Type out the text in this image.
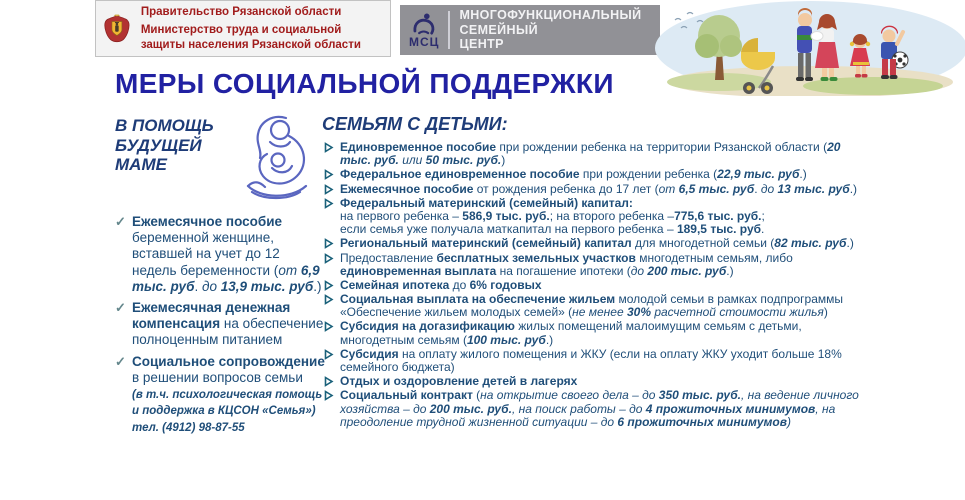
Правительство Рязанской области

Министерство труда и социальной защиты населения Рязанской области	МСЦ
МНОГОФУНКЦИОНАЛЬНЫЙ
СЕМЕЙНЫЙ
ЦЕНТР
МЕРЫ СОЦИАЛЬНОЙ ПОДДЕРЖКИ
В ПОМОЩЬ БУДУЩЕЙ МАМЕ
✓ Ежемесячное пособие беременной женщине, вставшей на учет до 12 недель беременности (от 6,9 тыс. руб. до 13,9 тыс. руб.)
✓ Ежемесячная денежная компенсация на обеспечение полноценным питанием
✓ Социальное сопровождение в решении вопросов семьи
(в т.ч. психологическая помощь и поддержка в КЦСОН «Семья»)
тел. (4912) 98-87-55
СЕМЬЯМ С ДЕТЬМИ:
Единовременное пособие при рождении ребенка на территории Рязанской области (20 тыс. руб. или 50 тыс. руб.)
Федеральное единовременное пособие при рождении ребенка (22,9 тыс. руб.)
Ежемесячное пособие от рождения ребенка до 17 лет (от 6,5 тыс. руб. до 13 тыс. руб.)
Федеральный материнский (семейный) капитал:
на первого ребенка – 586,9 тыс. руб.; на второго ребенка –775,6 тыс. руб.;
если семья уже получала маткапитал на первого ребенка – 189,5 тыс. руб.
Региональный материнский (семейный) капитал для многодетной семьи (82 тыс. руб.)
Предоставление бесплатных земельных участков многодетным семьям, либо единовременная выплата на погашение ипотеки (до 200 тыс. руб.)
Семейная ипотека до 6% годовых
Социальная выплата на обеспечение жильем молодой семьи в рамках подпрограммы «Обеспечение жильем молодых семей» (не менее 30% расчетной стоимости жилья)
Субсидия на догазификацию жилых помещений малоимущим семьям с детьми, многодетным семьям (100 тыс. руб.)
Субсидия на оплату жилого помещения и ЖКУ (если на оплату ЖКУ уходит больше 18% семейного бюджета)
Отдых и оздоровление детей в лагерях
Социальный контракт (на открытие своего дела – до 350 тыс. руб., на ведение личного хозяйства – до 200 тыс. руб., на поиск работы – до 4 прожиточных минимумов, на преодоление трудной жизненной ситуации – до 6 прожиточных минимумов)
